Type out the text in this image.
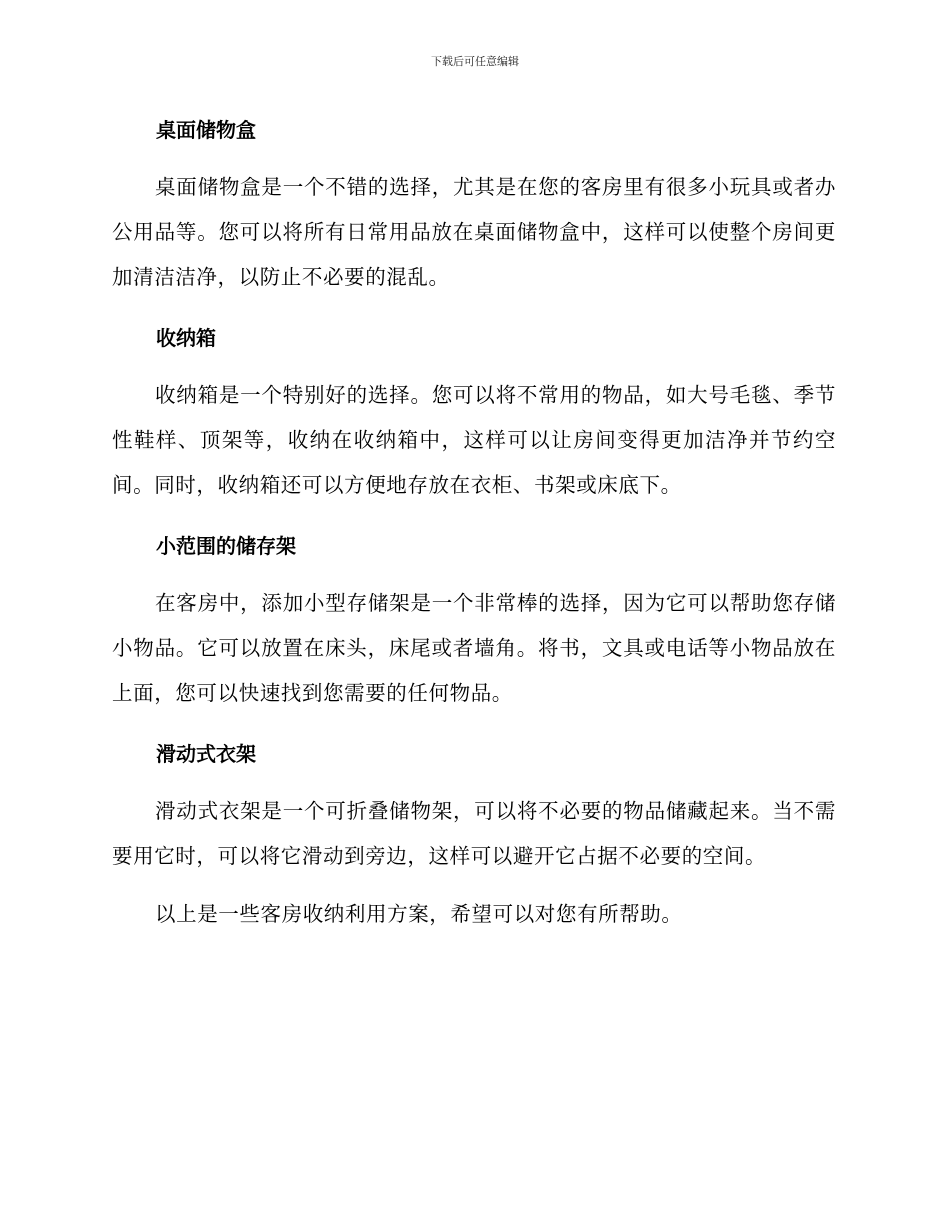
下载后可任意编辑
桌面储物盒

桌面储物盒是一个不错的选择，尤其是在您的客房里有很多小玩具或者办公用品等。您可以将所有日常用品放在桌面储物盒中，这样可以使整个房间更加清洁洁净，以防止不必要的混乱。

收纳箱

收纳箱是一个特别好的选择。您可以将不常用的物品，如大号毛毯、季节性鞋样、顶架等，收纳在收纳箱中，这样可以让房间变得更加洁净并节约空间。同时，收纳箱还可以方便地存放在衣柜、书架或床底下。

小范围的储存架

在客房中，添加小型存储架是一个非常棒的选择，因为它可以帮助您存储小物品。它可以放置在床头，床尾或者墙角。将书，文具或电话等小物品放在上面，您可以快速找到您需要的任何物品。

滑动式衣架

滑动式衣架是一个可折叠储物架，可以将不必要的物品储藏起来。当不需要用它时，可以将它滑动到旁边，这样可以避开它占据不必要的空间。

以上是一些客房收纳利用方案，希望可以对您有所帮助。
